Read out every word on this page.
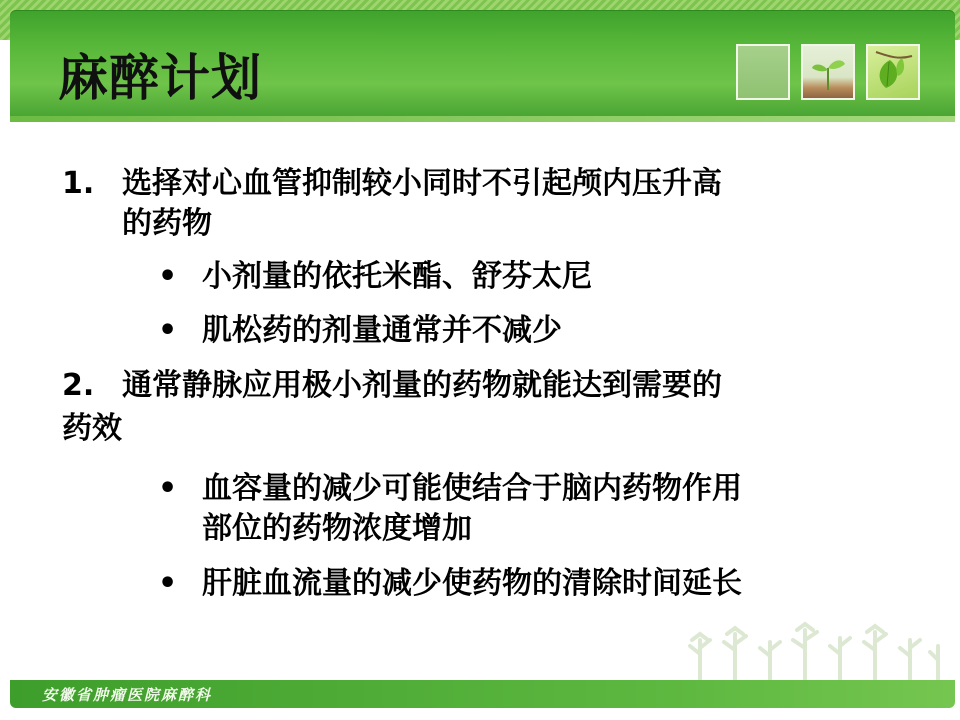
麻醉计划
1. 选择对心血管抑制较小同时不引起颅内压升高
的药物
• 小剂量的依托米酯、舒芬太尼
• 肌松药的剂量通常并不减少
2. 通常静脉应用极小剂量的药物就能达到需要的
药效
• 血容量的减少可能使结合于脑内药物作用
部位的药物浓度增加
• 肝脏血流量的减少使药物的清除时间延长
安徽省肿瘤医院麻醉科
